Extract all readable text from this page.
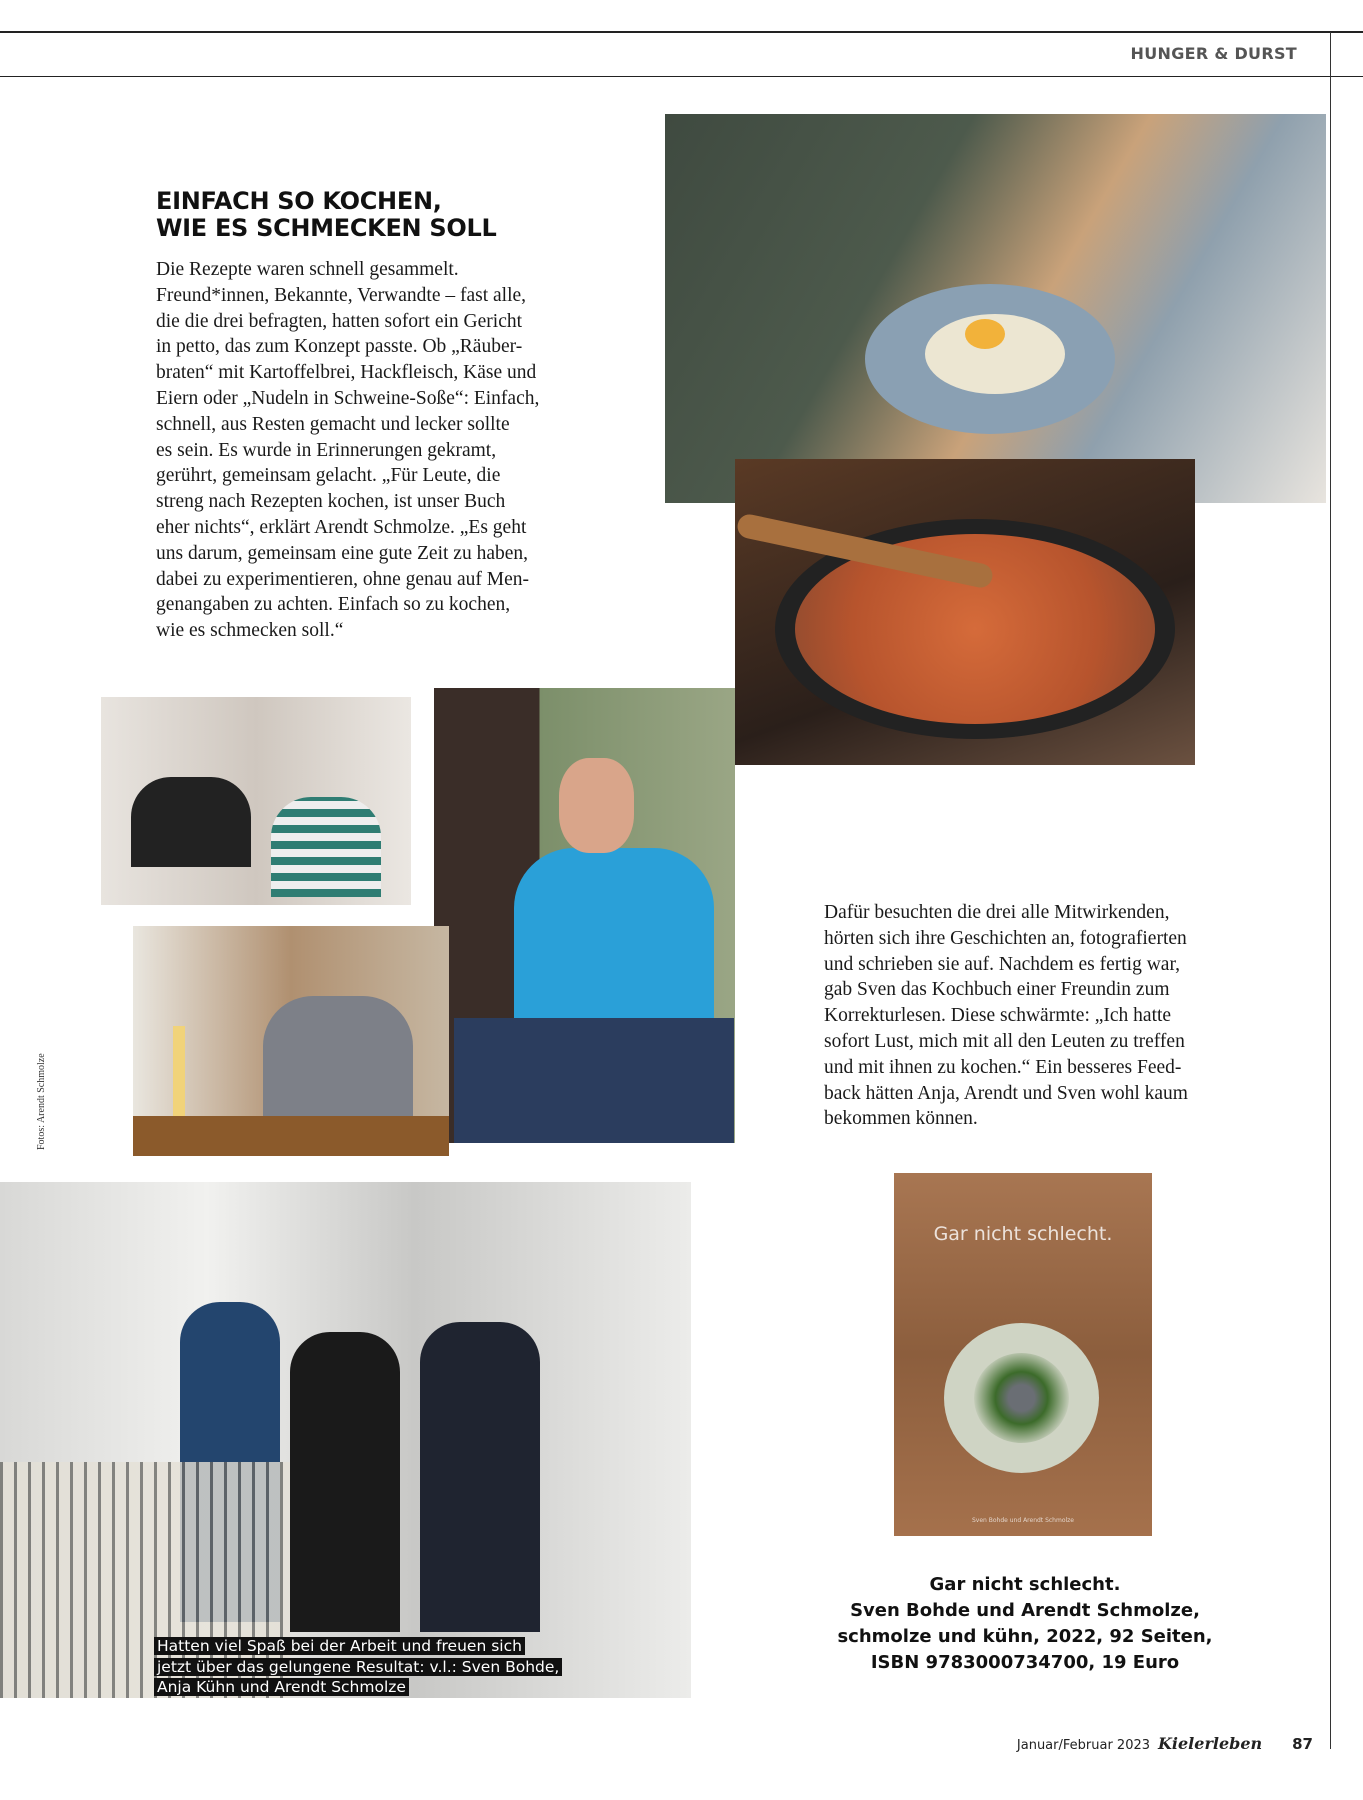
HUNGER & DURST
EINFACH SO KOCHEN,
WIE ES SCHMECKEN SOLL
Die Rezepte waren schnell gesammelt.
Freund*innen, Bekannte, Verwandte – fast alle,
die die drei befragten, hatten sofort ein Gericht
in petto, das zum Konzept passte. Ob „Räuber-
braten“ mit Kartoffelbrei, Hackfleisch, Käse und
Eiern oder „Nudeln in Schweine-Soße“: Einfach,
schnell, aus Resten gemacht und lecker sollte
es sein. Es wurde in Erinnerungen gekramt,
gerührt, gemeinsam gelacht. „Für Leute, die
streng nach Rezepten kochen, ist unser Buch
eher nichts“, erklärt Arendt Schmolze. „Es geht
uns darum, gemeinsam eine gute Zeit zu haben,
dabei zu experimentieren, ohne genau auf Men-
genangaben zu achten. Einfach so zu kochen,
wie es schmecken soll.“
Dafür besuchten die drei alle Mitwirkenden,
hörten sich ihre Geschichten an, fotografierten
und schrieben sie auf. Nachdem es fertig war,
gab Sven das Kochbuch einer Freundin zum
Korrekturlesen. Diese schwärmte: „Ich hatte
sofort Lust, mich mit all den Leuten zu treffen
und mit ihnen zu kochen.“ Ein besseres Feed-
back hätten Anja, Arendt und Sven wohl kaum
bekommen können.
Hatten viel Spaß bei der Arbeit und freuen sich
jetzt über das gelungene Resultat: v.l.: Sven Bohde,
Anja Kühn und Arendt Schmolze
Gar nicht schlecht.
Sven Bohde und Arendt Schmolze
Gar nicht schlecht.
Sven Bohde und Arendt Schmolze,
schmolze und kühn, 2022, 92 Seiten,
ISBN 9783000734700, 19 Euro
Fotos: Arendt Schmolze
Januar/Februar 2023 Kielerleben 87
